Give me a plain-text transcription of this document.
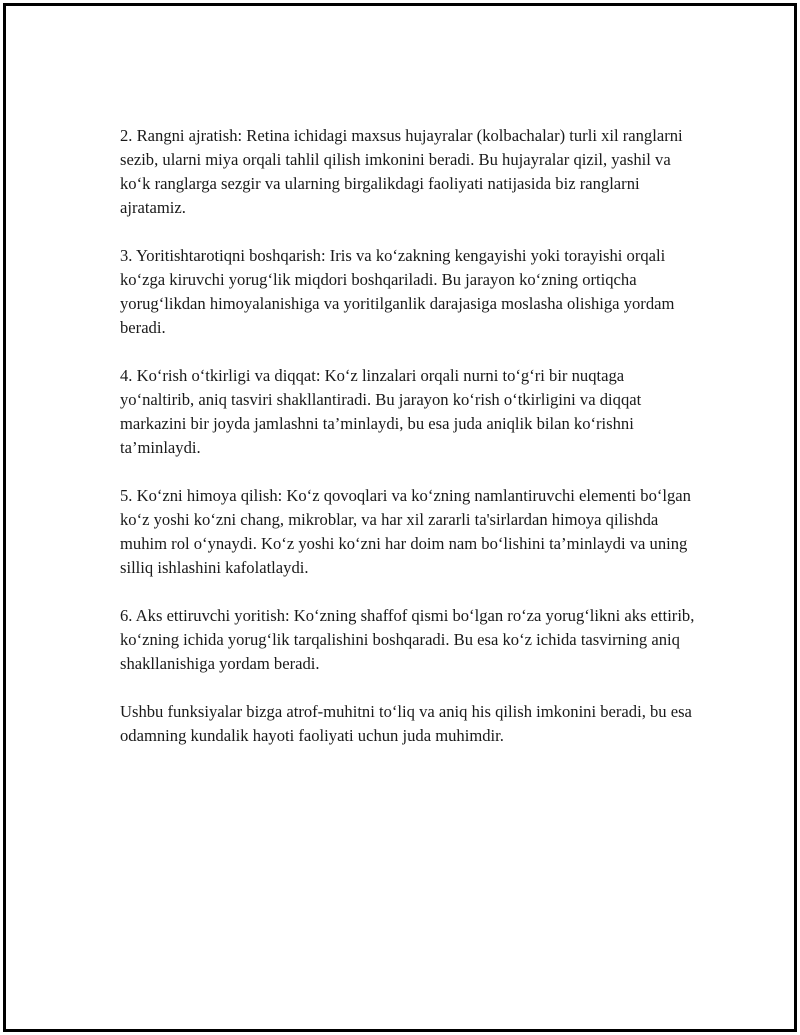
2. Rangni ajratish: Retina ichidagi maxsus hujayralar (kolbachalar) turli xil ranglarni sezib, ularni miya orqali tahlil qilish imkonini beradi. Bu hujayralar qizil, yashil va ko‘k ranglarga sezgir va ularning birgalikdagi faoliyati natijasida biz ranglarni ajratamiz.

3. Yoritishtarotiqni boshqarish: Iris va ko‘zakning kengayishi yoki torayishi orqali ko‘zga kiruvchi yorug‘lik miqdori boshqariladi. Bu jarayon ko‘zning ortiqcha yorug‘likdan himoyalanishiga va yoritilganlik darajasiga moslasha olishiga yordam beradi.

4. Ko‘rish o‘tkirligi va diqqat: Ko‘z linzalari orqali nurni to‘g‘ri bir nuqtaga yo‘naltirib, aniq tasviri shakllantiradi. Bu jarayon ko‘rish o‘tkirligini va diqqat markazini bir joyda jamlashni ta’minlaydi, bu esa juda aniqlik bilan ko‘rishni ta’minlaydi.

5. Ko‘zni himoya qilish: Ko‘z qovoqlari va ko‘zning namlantiruvchi elementi bo‘lgan ko‘z yoshi ko‘zni chang, mikroblar, va har xil zararli ta'sirlardan himoya qilishda muhim rol o‘ynaydi. Ko‘z yoshi ko‘zni har doim nam bo‘lishini ta’minlaydi va uning silliq ishlashini kafolatlaydi.

6. Aks ettiruvchi yoritish: Ko‘zning shaffof qismi bo‘lgan ro‘za yorug‘likni aks ettirib, ko‘zning ichida yorug‘lik tarqalishini boshqaradi. Bu esa ko‘z ichida tasvirning aniq shakllanishiga yordam beradi.

Ushbu funksiyalar bizga atrof-muhitni to‘liq va aniq his qilish imkonini beradi, bu esa odamning kundalik hayoti faoliyati uchun juda muhimdir.
